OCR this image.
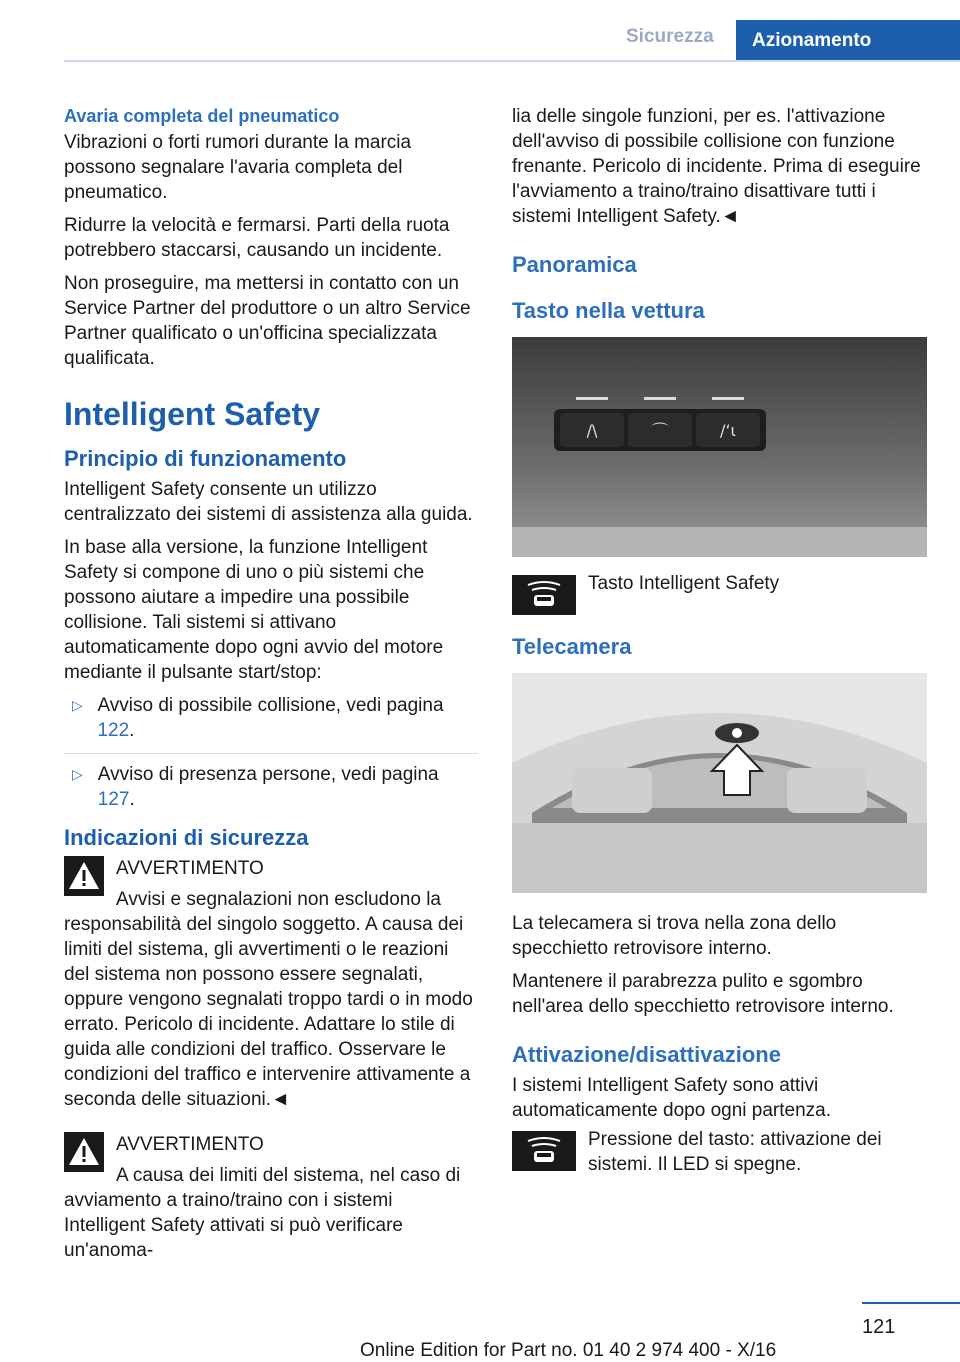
Sicurezza	Azionamento
Avaria completa del pneumatico
Vibrazioni o forti rumori durante la marcia possono segnalare l'avaria completa del pneumatico.
Ridurre la velocità e fermarsi. Parti della ruota potrebbero staccarsi, causando un incidente.
Non proseguire, ma mettersi in contatto con un Service Partner del produttore o un altro Service Partner qualificato o un'officina specializzata qualificata.
Intelligent Safety
Principio di funzionamento
Intelligent Safety consente un utilizzo centralizzato dei sistemi di assistenza alla guida.
In base alla versione, la funzione Intelligent Safety si compone di uno o più sistemi che possono aiutare a impedire una possibile collisione. Tali sistemi si attivano automaticamente dopo ogni avvio del motore mediante il pulsante start/stop:
▷ Avviso di possibile collisione, vedi pagina 122.
▷ Avviso di presenza persone, vedi pagina 127.
Indicazioni di sicurezza
AVVERTIMENTO
Avvisi e segnalazioni non escludono la responsabilità del singolo soggetto. A causa dei limiti del sistema, gli avvertimenti o le reazioni del sistema non possono essere segnalati, oppure vengono segnalati troppo tardi o in modo errato. Pericolo di incidente. Adattare lo stile di guida alle condizioni del traffico. Osservare le condizioni del traffico e intervenire attivamente a seconda delle situazioni.◄
AVVERTIMENTO
A causa dei limiti del sistema, nel caso di avviamento a traino/traino con i sistemi Intelligent Safety attivati si può verificare un'anoma-
lia delle singole funzioni, per es. l'attivazione dell'avviso di possibile collisione con funzione frenante. Pericolo di incidente. Prima di eseguire l'avviamento a traino/traino disattivare tutti i sistemi Intelligent Safety.◄
Panoramica
Tasto nella vettura
/\	⌒	/‘ι
Tasto Intelligent Safety
Telecamera
La telecamera si trova nella zona dello specchietto retrovisore interno.
Mantenere il parabrezza pulito e sgombro nell'area dello specchietto retrovisore interno.
Attivazione/disattivazione
I sistemi Intelligent Safety sono attivi automaticamente dopo ogni partenza.
Pressione del tasto: attivazione dei sistemi. Il LED si spegne.
121
Online Edition for Part no. 01 40 2 974 400 - X/16
